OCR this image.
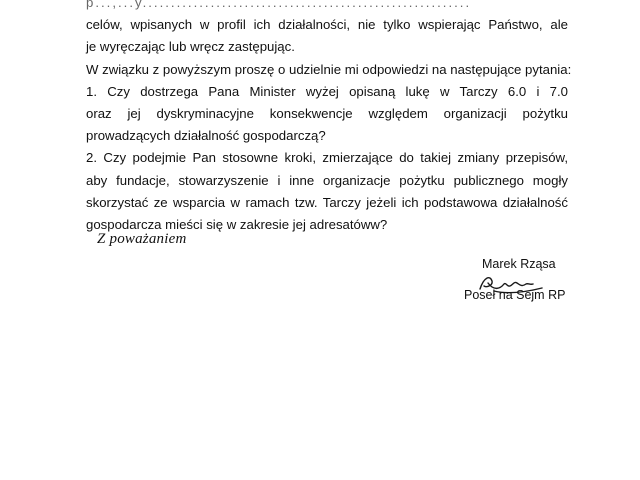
p...,...y..........................................................
celów, wpisanych w profil ich działalności, nie tylko wspierając Państwo, ale
je wyręczając lub wręcz zastępując.
W związku z powyższym proszę o udzielnie mi odpowiedzi na następujące pytania:
1. Czy dostrzega Pana Minister wyżej opisaną lukę w Tarczy 6.0 i 7.0
oraz jej dyskryminacyjne konsekwencje względem organizacji pożytku
prowadzących działalność gospodarczą?
2. Czy podejmie Pan stosowne kroki, zmierzające do takiej zmiany przepisów,
aby fundacje, stowarzyszenie i inne organizacje pożytku publicznego mogły
skorzystać ze wsparcia w ramach tzw. Tarczy jeżeli ich podstawowa działalność
gospodarcza mieści się w zakresie jej adresatóww?
Z poważaniem
Marek Rząsa
Poseł na Sejm RP
